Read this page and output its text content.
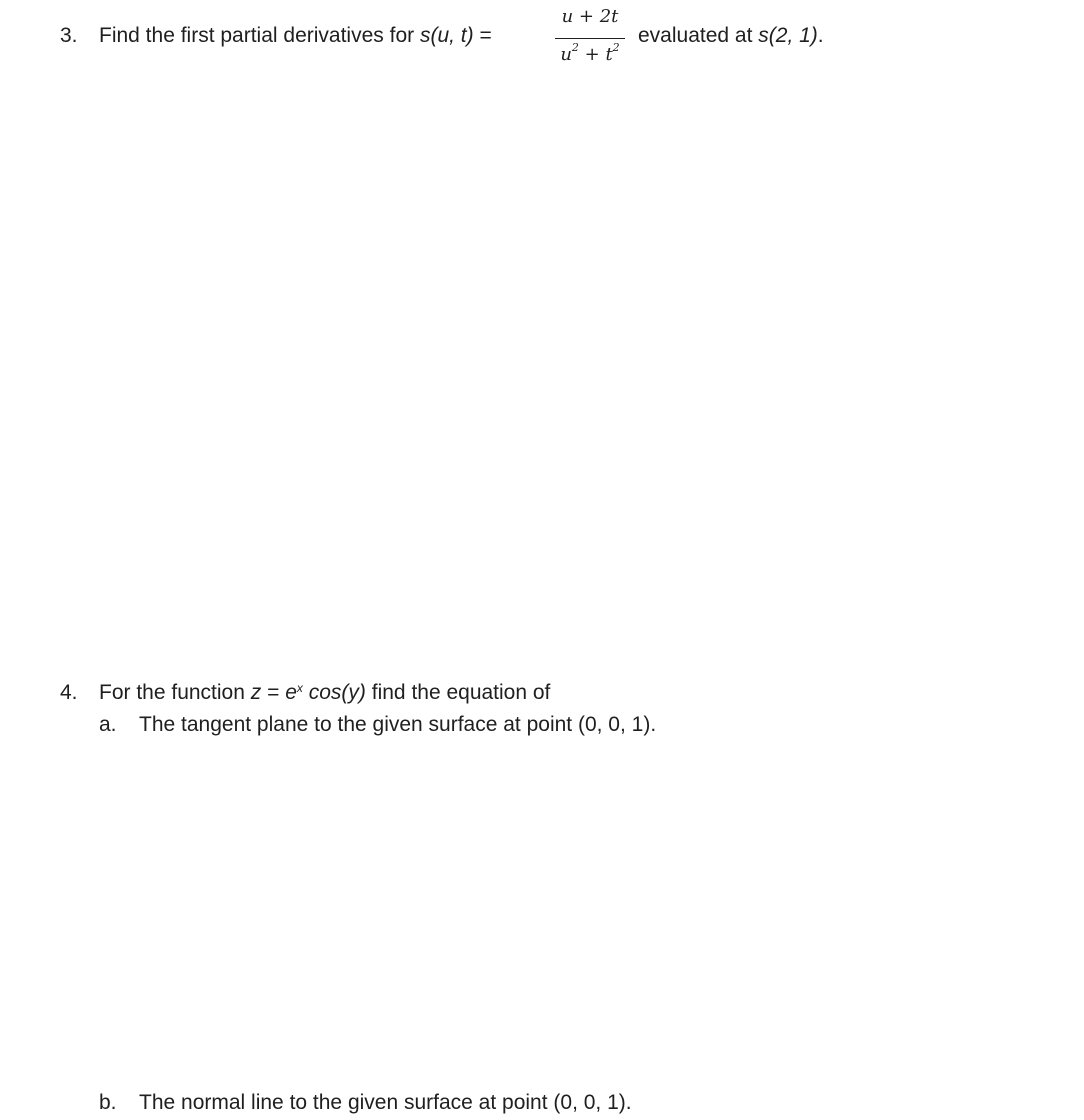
3. Find the first partial derivatives for s(u, t) =
u + 2t
$u^2 + t^2$
evaluated at s(2, 1).
4. For the function $z = e^x$ cos(y) find the equation of
a. The tangent plane to the given surface at point (0, 0, 1).
b. The normal line to the given surface at point (0, 0, 1).
